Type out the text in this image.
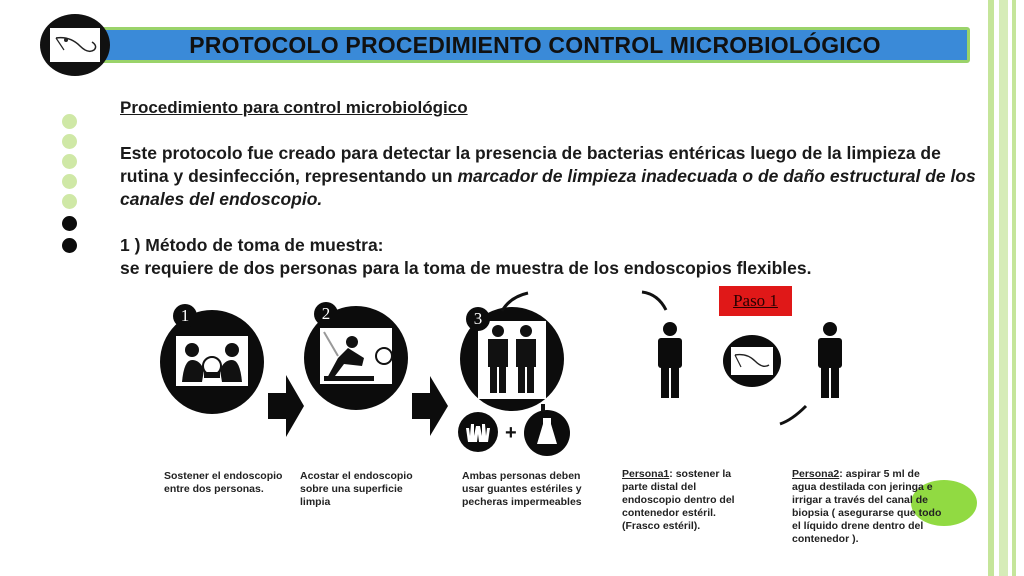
PROTOCOLO PROCEDIMIENTO CONTROL MICROBIOLÓGICO
Procedimiento para control microbiológico
Este protocolo fue creado para detectar la presencia de bacterias entéricas luego de la limpieza de rutina y desinfección, representando un marcador de limpieza inadecuada o de daño estructural de los canales del endoscopio.
1 ) Método de toma de muestra:
se requiere de dos personas para la toma de muestra de los endoscopios flexibles.
1	2	3
+
Sostener el endoscopio entre dos personas.
Acostar el endoscopio sobre una superficie limpia
Ambas personas deben usar guantes estériles y pecheras impermeables
Paso 1
Persona1: sostener la parte distal del endoscopio dentro del contenedor estéril. (Frasco estéril).
Persona2: aspirar 5 ml de agua destilada con jeringa e irrigar a través del canal de biopsia ( asegurarse que todo el líquido drene dentro del contenedor ).
